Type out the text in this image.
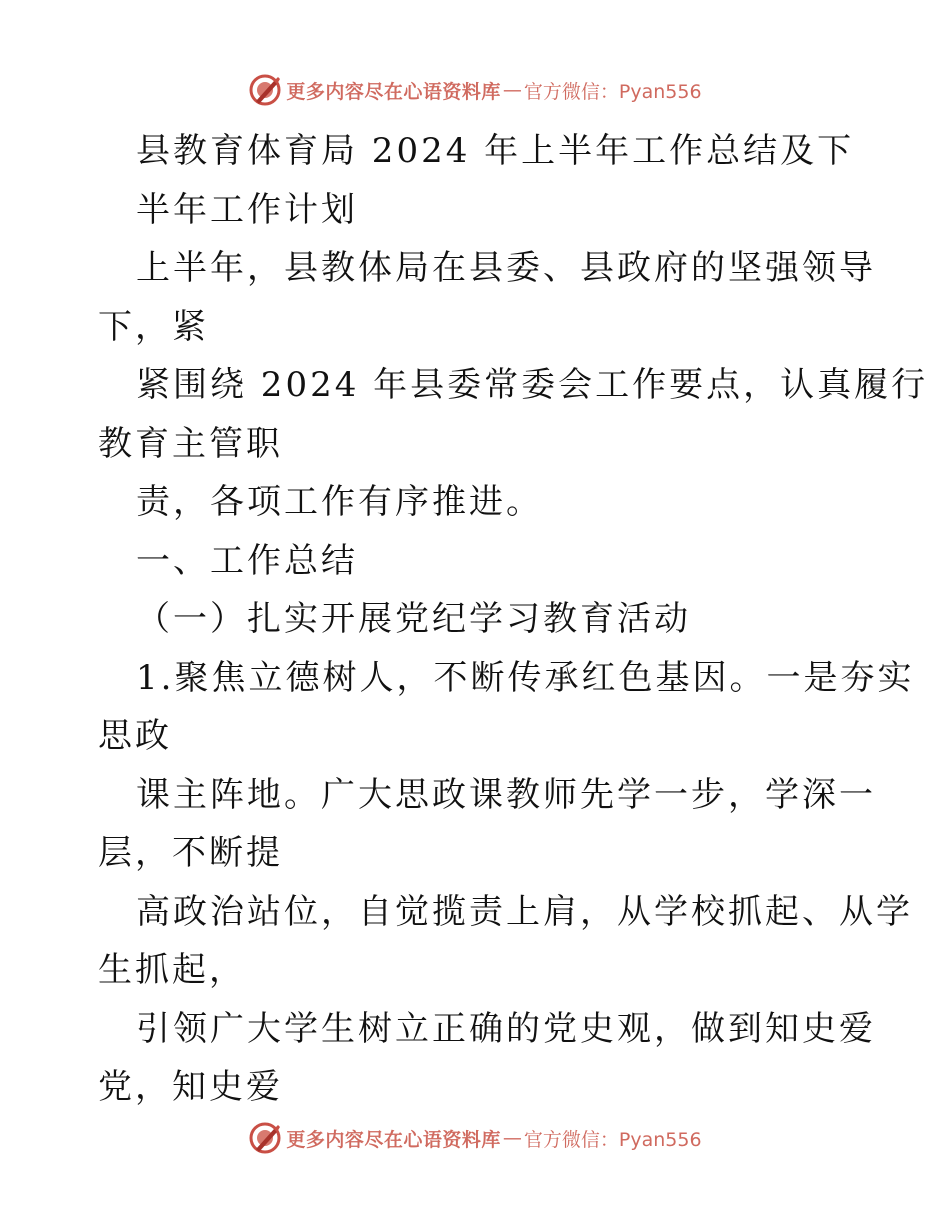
更多内容尽在心语资料库 — 官方微信：Pyan556
县教育体育局 2024 年上半年工作总结及下
半年工作计划
上半年，县教体局在县委、县政府的坚强领导
下，紧
紧围绕 2024 年县委常委会工作要点，认真履行
教育主管职
责，各项工作有序推进。
一、工作总结
（一）扎实开展党纪学习教育活动
1.聚焦立德树人，不断传承红色基因。一是夯实
思政
课主阵地。广大思政课教师先学一步，学深一
层，不断提
高政治站位，自觉揽责上肩，从学校抓起、从学
生抓起，
引领广大学生树立正确的党史观，做到知史爱
党，知史爱
更多内容尽在心语资料库 — 官方微信：Pyan556
